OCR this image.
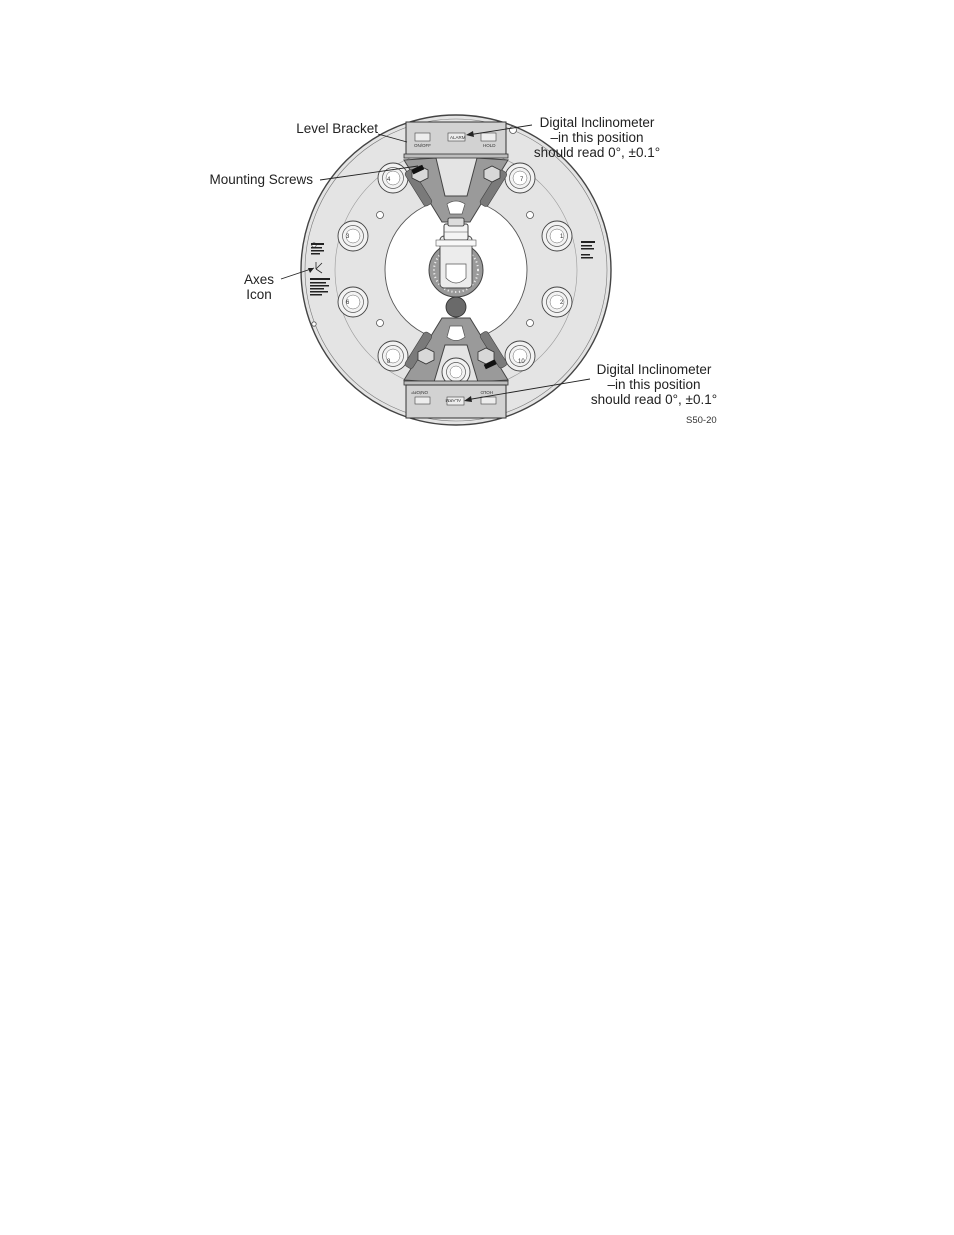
4	7
3	1
6	2
8	10
ON/OFF
ALARM
HOLD
ON/OFF
ALARM
HOLD
Level Bracket
Mounting Screws
Axes
Icon
Digital Inclinometer
–in this position
should read 0°, ±0.1°
Digital Inclinometer
–in this position
should read 0°, ±0.1°
S50-20
